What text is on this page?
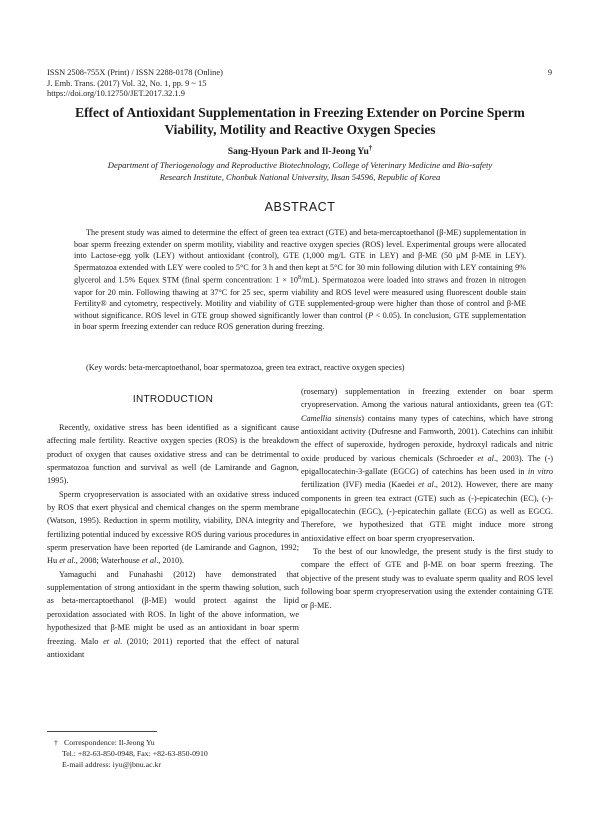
ISSN 2508-755X (Print) / ISSN 2288-0178 (Online)
J. Emb. Trans. (2017) Vol. 32, No. 1, pp. 9 ~ 15
https://doi.org/10.12750/JET.2017.32.1.9
9
Effect of Antioxidant Supplementation in Freezing Extender on Porcine Sperm
Viability, Motility and Reactive Oxygen Species
Sang-Hyoun Park and Il-Jeong Yu†
Department of Theriogenology and Reproductive Biotechnology, College of Veterinary Medicine and Bio-safety
Research Institute, Chonbuk National University, Iksan 54596, Republic of Korea
ABSTRACT

The present study was aimed to determine the effect of green tea extract (GTE) and beta-mercaptoethanol (β-ME) supplementation in boar sperm freezing extender on sperm motility, viability and reactive oxygen species (ROS) level. Experimental groups were allocated into Lactose-egg yolk (LEY) without antioxidant (control), GTE (1,000 mg/L GTE in LEY) and β-ME (50 μM β-ME in LEY). Spermatozoa extended with LEY were cooled to 5°C for 3 h and then kept at 5°C for 30 min following dilution with LEY containing 9% glycerol and 1.5% Equex STM (final sperm concentration: $1 \times 10^8/mL$). Spermatozoa were loaded into straws and frozen in nitrogen vapor for 20 min. Following thawing at 37°C for 25 sec, sperm viability and ROS level were measured using fluorescent double stain Fertility® and cytometry, respectively. Motility and viability of GTE supplemented-group were higher than those of control and β-ME without significance. ROS level in GTE group showed significantly lower than control (P < 0.05). In conclusion, GTE supplementation in boar sperm freezing extender can reduce ROS generation during freezing.

(Key words: beta-mercaptoethanol, boar spermatozoa, green tea extract, reactive oxygen species)
INTRODUCTION

Recently, oxidative stress has been identified as a significant cause affecting male fertility. Reactive oxygen species (ROS) is the breakdown product of oxygen that causes oxidative stress and can be detrimental to spermatozoa function and survival as well (de Lamirande and Gagnon, 1995).

Sperm cryopreservation is associated with an oxidative stress induced by ROS that exert physical and chemical changes on the sperm membrane (Watson, 1995). Reduction in sperm motility, viability, DNA integrity and fertilizing potential induced by excessive ROS during various procedures in sperm preservation have been reported (de Lamirande and Gagnon, 1992; Hu et al., 2008; Waterhouse et al., 2010).

Yamaguchi and Funahashi (2012) have demonstrated that supplementation of strong antioxidant in the sperm thawing solution, such as beta-mercaptoethanol (β-ME) would protect against the lipid peroxidation associated with ROS. In light of the above information, we hypothesized that β-ME might be used as an antioxidant in boar sperm freezing. Malo et al. (2010; 2011) reported that the effect of natural antioxidant

(rosemary) supplementation in freezing extender on boar sperm cryopreservation. Among the various natural antioxidants, green tea (GT: Camellia sinensis) contains many types of catechins, which have strong antioxidant activity (Dufresne and Farnworth, 2001). Catechins can inhibit the effect of superoxide, hydrogen peroxide, hydroxyl radicals and nitric oxide produced by various chemicals (Schroeder et al., 2003). The (-) epigallocatechin-3-gallate (EGCG) of catechins has been used in in vitro fertilization (IVF) media (Kaedei et al., 2012). However, there are many components in green tea extract (GTE) such as (-)-epicatechin (EC), (-)-epigallocatechin (EGC), (-)-epicatechin gallate (ECG) as well as EGCG. Therefore, we hypothesized that GTE might induce more strong antioxidative effect on boar sperm cryopreservation.

To the best of our knowledge, the present study is the first study to compare the effect of GTE and β-ME on boar sperm freezing. The objective of the present study was to evaluate sperm quality and ROS level following boar sperm cryopreservation using the extender containing GTE or β-ME.

† Correspondence: Il-Jeong Yu
Tel.: +82-63-850-0948, Fax: +82-63-850-0910
E-mail address: iyu@jbnu.ac.kr
